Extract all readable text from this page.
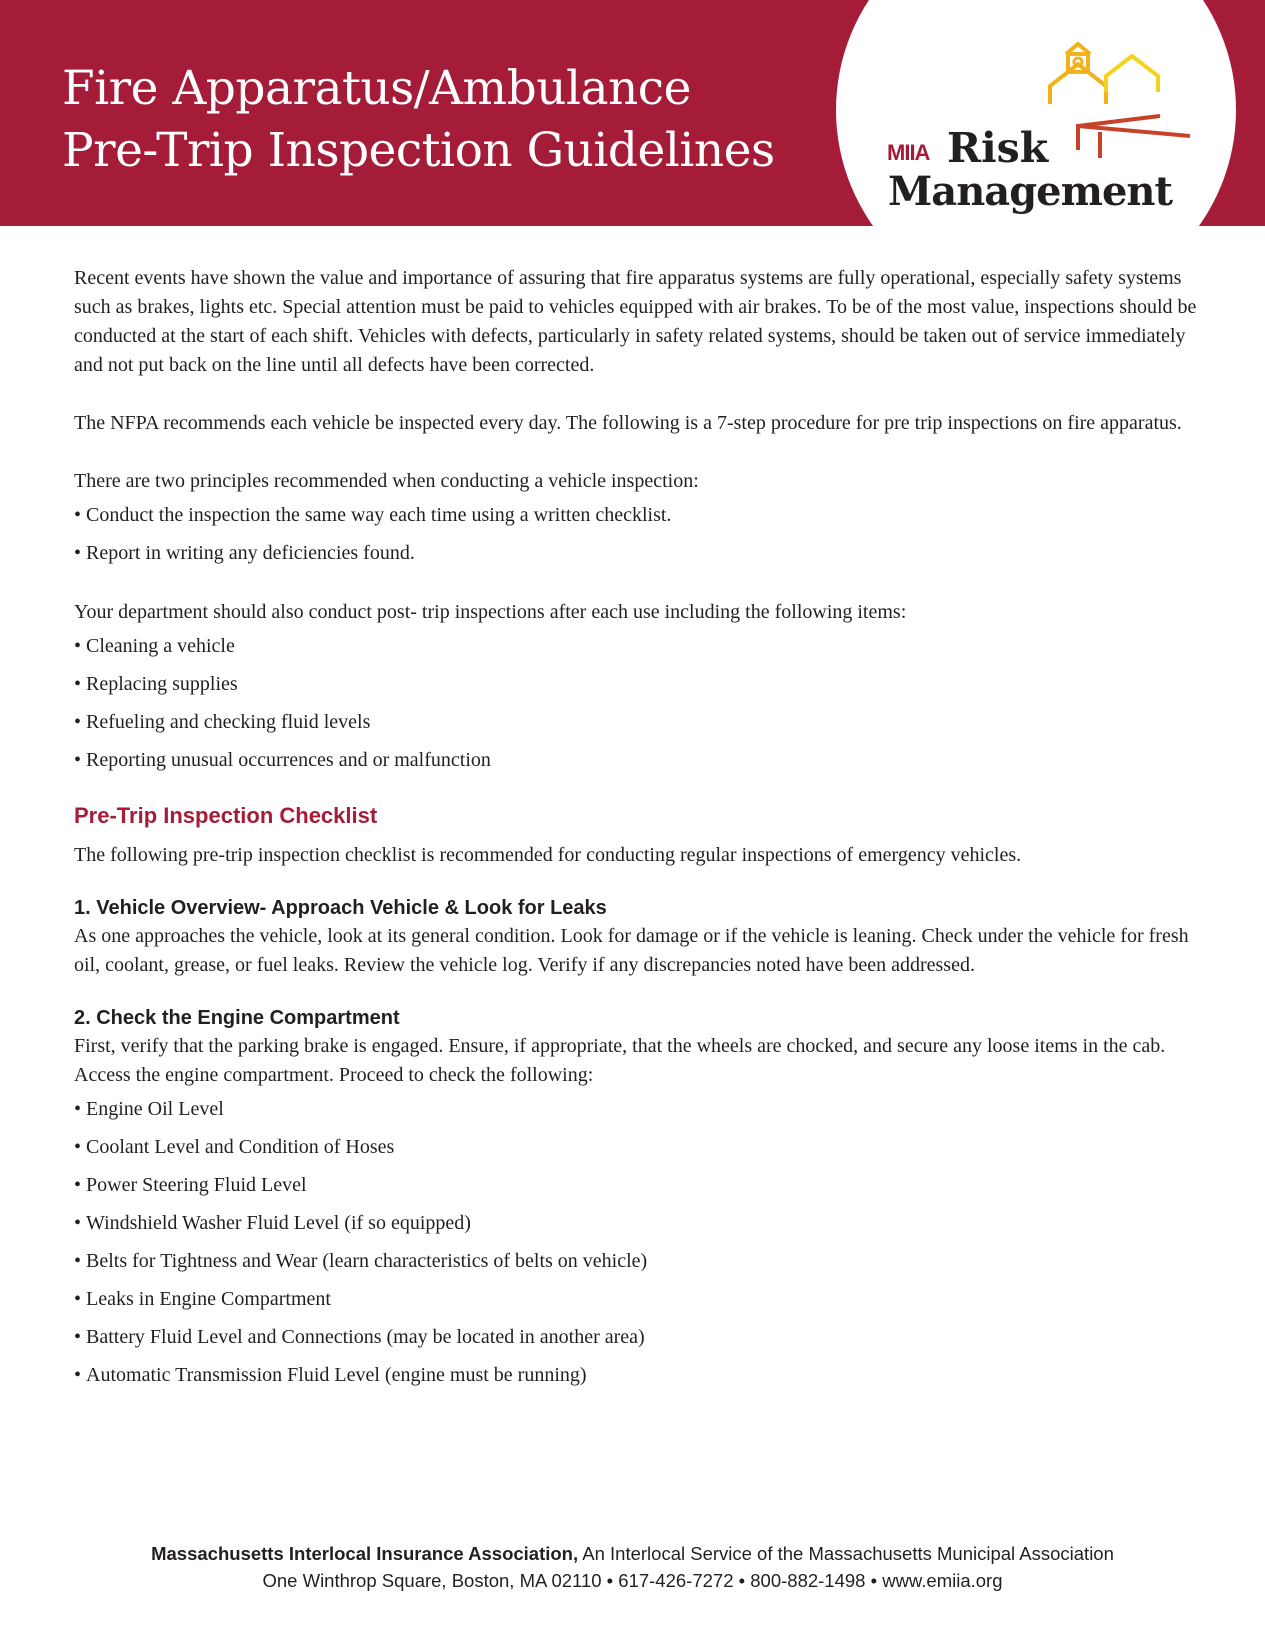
Fire Apparatus/Ambulance
Pre-Trip Inspection Guidelines	MIIA Risk
Management

Recent events have shown the value and importance of assuring that fire apparatus systems are fully operational, especially safety systems such as brakes, lights etc. Special attention must be paid to vehicles equipped with air brakes. To be of the most value, inspections should be conducted at the start of each shift. Vehicles with defects, particularly in safety related systems, should be taken out of service immediately and not put back on the line until all defects have been corrected.

The NFPA recommends each vehicle be inspected every day. The following is a 7-step procedure for pre trip inspections on fire apparatus.

There are two principles recommended when conducting a vehicle inspection:

• Conduct the inspection the same way each time using a written checklist.
• Report in writing any deficiencies found.

Your department should also conduct post- trip inspections after each use including the following items:

• Cleaning a vehicle
• Replacing supplies
• Refueling and checking fluid levels
• Reporting unusual occurrences and or malfunction
Pre-Trip Inspection Checklist

The following pre-trip inspection checklist is recommended for conducting regular inspections of emergency vehicles.

1. Vehicle Overview- Approach Vehicle & Look for Leaks

As one approaches the vehicle, look at its general condition. Look for damage or if the vehicle is leaning. Check under the vehicle for fresh oil, coolant, grease, or fuel leaks. Review the vehicle log. Verify if any discrepancies noted have been addressed.

2. Check the Engine Compartment

First, verify that the parking brake is engaged. Ensure, if appropriate, that the wheels are chocked, and secure any loose items in the cab. Access the engine compartment. Proceed to check the following:

• Engine Oil Level
• Coolant Level and Condition of Hoses
• Power Steering Fluid Level
• Windshield Washer Fluid Level (if so equipped)
• Belts for Tightness and Wear (learn characteristics of belts on vehicle)
• Leaks in Engine Compartment
• Battery Fluid Level and Connections (may be located in another area)
• Automatic Transmission Fluid Level (engine must be running)
Massachusetts Interlocal Insurance Association, An Interlocal Service of the Massachusetts Municipal Association
One Winthrop Square, Boston, MA 02110 • 617-426-7272 • 800-882-1498 • www.emiia.org
